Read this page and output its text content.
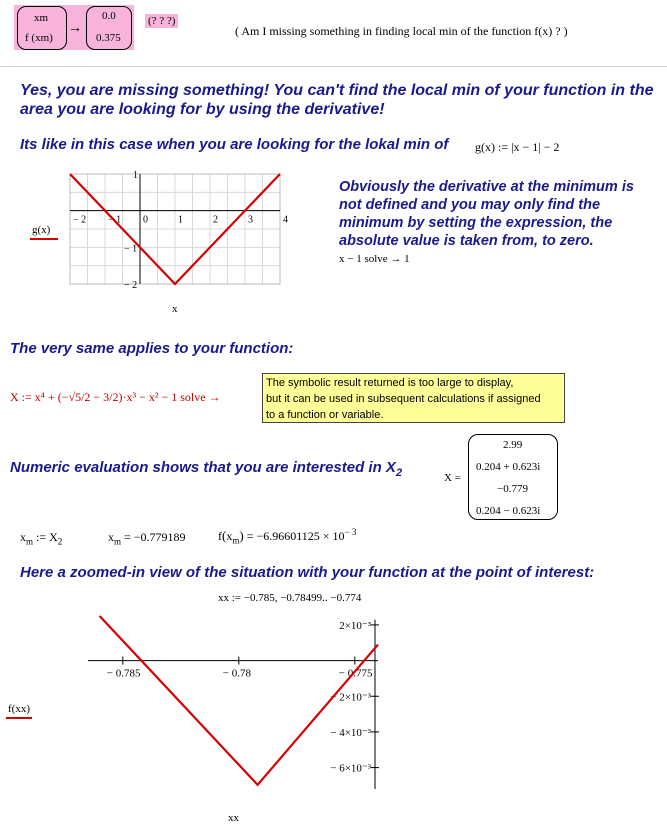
xm
f (xm)
→
0.0
0.375
(? ? ?)
( Am I missing something in finding local min of the function f(x) ? )
Yes, you are missing something! You can't find the local min of your function in the
area you are looking for by using the derivative!
Its like in this case when you are looking for the lokal min of g(x) := |x − 1| − 2
− 2 − 1 0	1	2	3	4
1
− 1
− 2
g(x)
x
Obviously the derivative at the minimum is
not defined and you may only find the
minimum by setting the expression, the
absolute value is taken from, to zero.
x − 1 solve → 1
The very same applies to your function:
X := x⁴ + (−√5/2 − 3/2)·x³ − x² − 1 solve →
The symbolic result returned is too large to display,
but it can be used in subsequent calculations if assigned
to a function or variable.
Numeric evaluation shows that you are interested in $X_2$	X =
2.99
0.204 + 0.623i
−0.779
0.204 − 0.623i
$x_m$ := $X_2$	$x_m = -0.779189$	$f(x_m) = -6.96601125 \times 10^{- 3}$
Here a zoomed-in view of the situation with your function at the point of interest:
xx := −0.785, −0.78499.. −0.774
− 0.785	− 0.78	− 0.775
2×10⁻³
− 2×10⁻³
− 4×10⁻³
− 6×10⁻³
f(xx)
xx
